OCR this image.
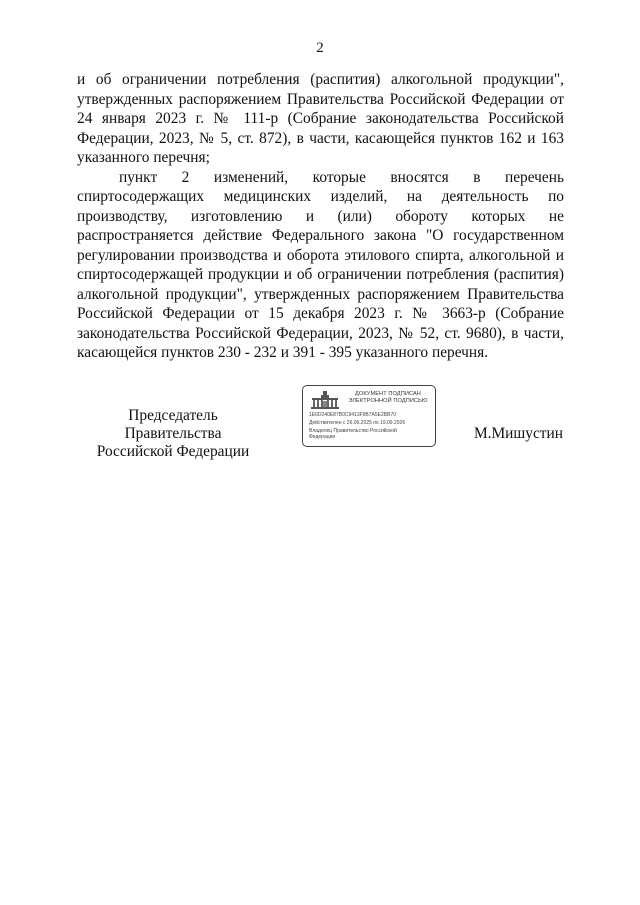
2

и об ограничении потребления (распития) алкогольной продукции", утвержденных распоряжением Правительства Российской Федерации от 24 января 2023 г. № 111-р (Собрание законодательства Российской Федерации, 2023, № 5, ст. 872), в части, касающейся пунктов 162 и 163 указанного перечня;

пункт 2 изменений, которые вносятся в перечень спиртосодержащих медицинских изделий, на деятельность по производству, изготовлению и (или) обороту которых не распространяется действие Федерального закона "О государственном регулировании производства и оборота этилового спирта, алкогольной и спиртосодержащей продукции и об ограничении потребления (распития) алкогольной продукции", утвержденных распоряжением Правительства Российской Федерации от 15 декабря 2023 г. № 3663-р (Собрание законодательства Российской Федерации, 2023, № 52, ст. 9680), в части, касающейся пунктов 230 - 232 и 391 - 395 указанного перечня.

Председатель Правительства
Российской Федерации
ДОКУМЕНТ ПОДПИСАН
ЭЛЕКТРОННОЙ ПОДПИСЬЮ
1E6D240E87B0C9413F9B7A5E2BB70
Действителен с 26.06.2025 по 19.09.2026
Владелец Правительство Российской
Федерации	М.Мишустин
